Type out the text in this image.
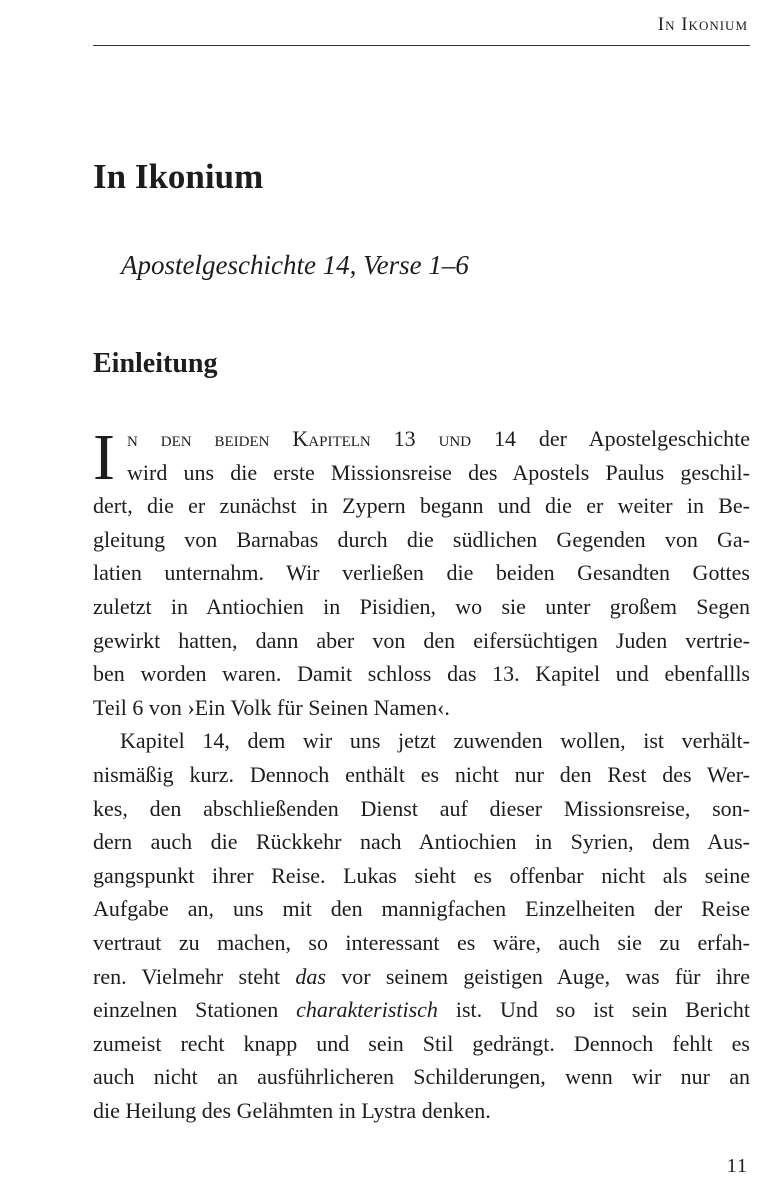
In Ikonium
In Ikonium
Apostelgeschichte 14, Verse 1–6
Einleitung
I n den beiden Kapiteln 13 und 14 der Apostelgeschichte
wird uns die erste Missionsreise des Apostels Paulus geschil-
dert, die er zunächst in Zypern begann und die er weiter in Be-
gleitung von Barnabas durch die südlichen Gegenden von Ga-
latien unternahm. Wir verließen die beiden Gesandten Gottes
zuletzt in Antiochien in Pisidien, wo sie unter großem Segen
gewirkt hatten, dann aber von den eifersüchtigen Juden vertrie-
ben worden waren. Damit schloss das 13. Kapitel und ebenfallls
Teil 6 von ›Ein Volk für Seinen Namen‹.
Kapitel 14, dem wir uns jetzt zuwenden wollen, ist verhält-
nismäßig kurz. Dennoch enthält es nicht nur den Rest des Wer-
kes, den abschließenden Dienst auf dieser Missionsreise, son-
dern auch die Rückkehr nach Antiochien in Syrien, dem Aus-
gangspunkt ihrer Reise. Lukas sieht es offenbar nicht als seine
Aufgabe an, uns mit den mannigfachen Einzelheiten der Reise
vertraut zu machen, so interessant es wäre, auch sie zu erfah-
ren. Vielmehr steht das vor seinem geistigen Auge, was für ihre
einzelnen Stationen charakteristisch ist. Und so ist sein Bericht
zumeist recht knapp und sein Stil gedrängt. Dennoch fehlt es
auch nicht an ausführlicheren Schilderungen, wenn wir nur an
die Heilung des Gelähmten in Lystra denken.
11
